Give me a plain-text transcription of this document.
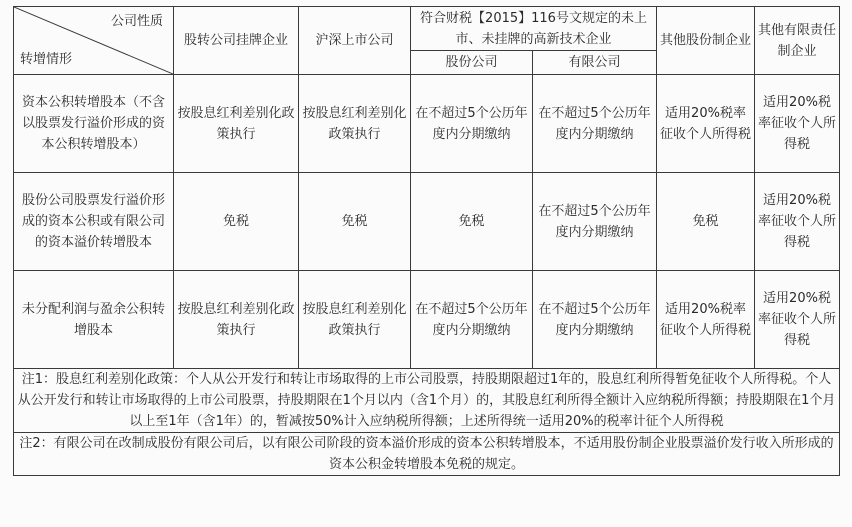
公司性质
转增情形	股转公司挂牌企业	沪深上市公司	符合财税【2015】116号文规定的未上市、未挂牌的高新技术企业		其他股份制企业	其他有限责任制企业
			股份公司	有限公司		
资本公积转增股本（不含以股票发行溢价形成的资本公积转增股本）	按股息红利差别化政策执行	按股息红利差别化政策执行	在不超过5个公历年度内分期缴纳	在不超过5个公历年度内分期缴纳	适用20%税率征收个人所得税	适用20%税率征收个人所得税
股份公司股票发行溢价形成的资本公积或有限公司的资本溢价转增股本	免税	免税	免税	在不超过5个公历年度内分期缴纳	免税	适用20%税率征收个人所得税
未分配利润与盈余公积转增股本	按股息红利差别化政策执行	按股息红利差别化政策执行	在不超过5个公历年度内分期缴纳	在不超过5个公历年度内分期缴纳	适用20%税率征收个人所得税	适用20%税率征收个人所得税
注1：股息红利差别化政策：个人从公开发行和转让市场取得的上市公司股票，持股期限超过1年的，股息红利所得暂免征收个人所得税。个人从公开发行和转让市场取得的上市公司股票，持股期限在1个月以内（含1个月）的，其股息红利所得全额计入应纳税所得额；持股期限在1个月以上至1年（含1年）的，暂减按50%计入应纳税所得额；上述所得统一适用20%的税率计征个人所得税						
注2：有限公司在改制成股份有限公司后，以有限公司阶段的资本溢价形成的资本公积转增股本，不适用股份制企业股票溢价发行收入所形成的资本公积金转增股本免税的规定。						
